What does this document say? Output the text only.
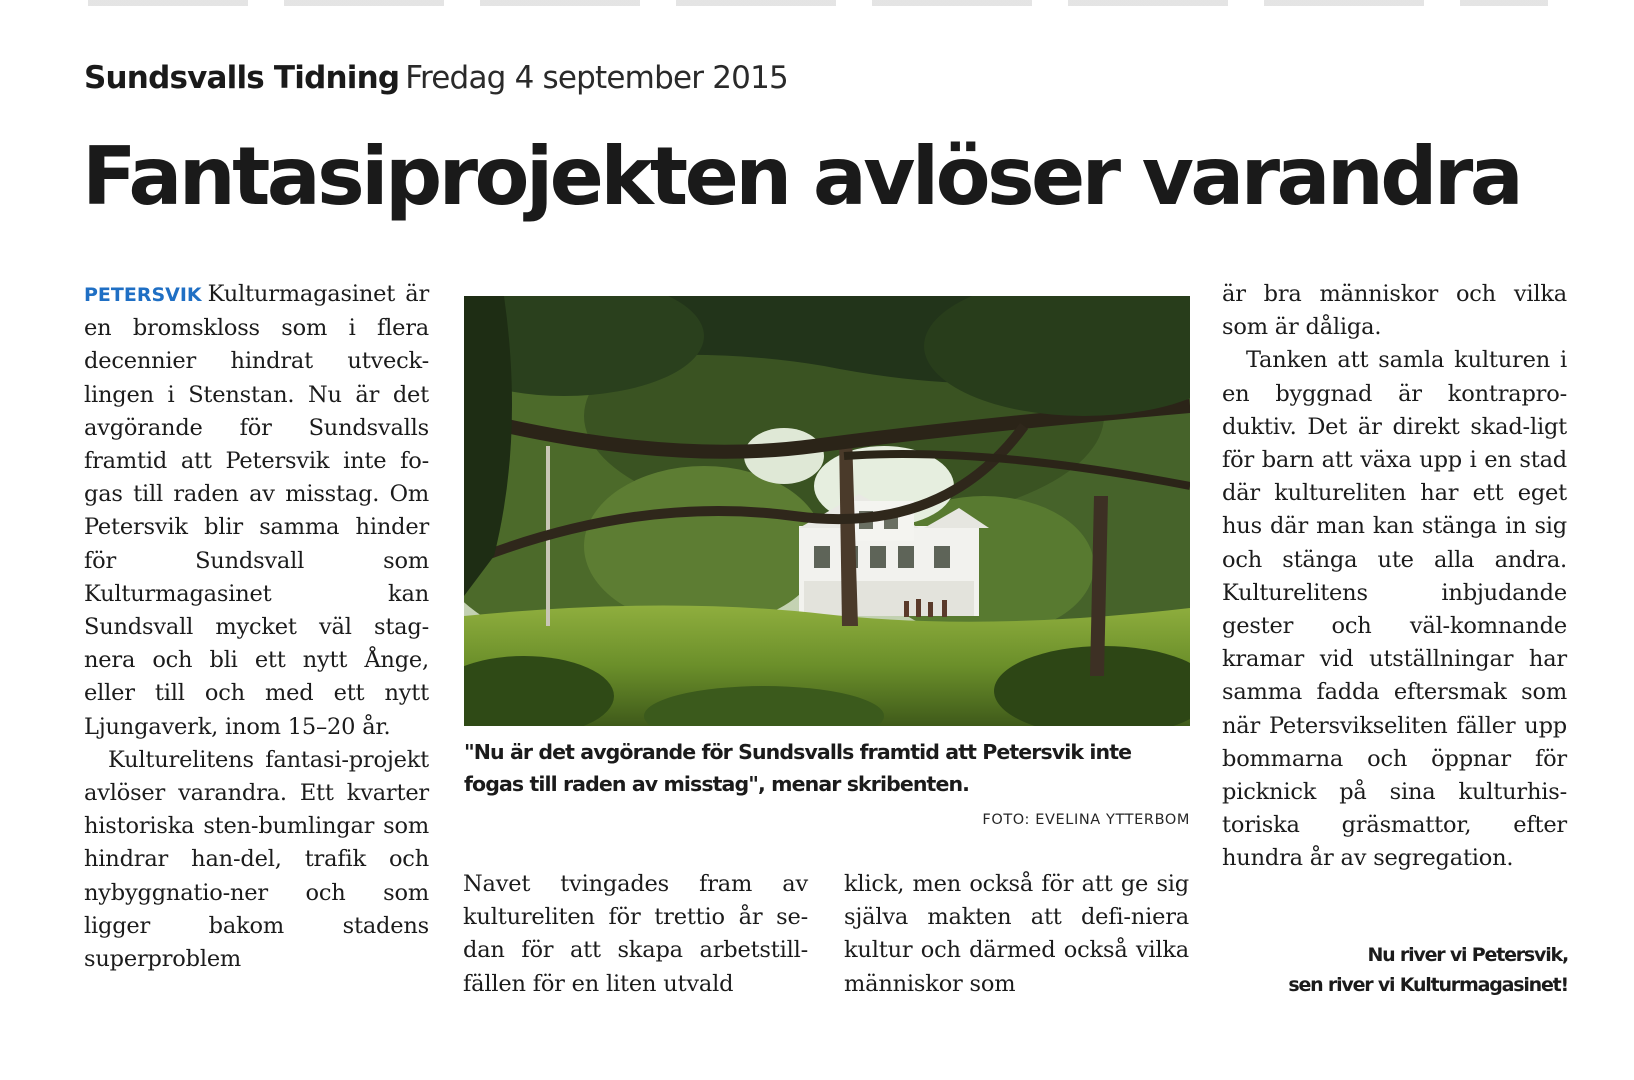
Sundsvalls Tidning Fredag 4 september 2015
Fantasiprojekten avlöser varandra

PETERSVIK Kulturmagasinet är en bromskloss som i flera decennier hindrat utveck-lingen i Stenstan. Nu är det avgörande för Sundsvalls framtid att Petersvik inte fo-gas till raden av misstag. Om Petersvik blir samma hinder för Sundsvall som Kulturmagasinet kan Sundsvall mycket väl stag-nera och bli ett nytt Ånge, eller till och med ett nytt Ljungaverk, inom 15–20 år.

Kulturelitens fantasi-projekt avlöser varandra. Ett kvarter historiska sten-bumlingar som hindrar han-del, trafik och nybyggnatio-ner och som ligger bakom stadens superproblem

"Nu är det avgörande för Sundsvalls framtid att Petersvik inte fogas till raden av misstag", menar skribenten.
FOTO: EVELINA YTTERBOM

Navet tvingades fram av kultureliten för trettio år se-dan för att skapa arbetstill-fällen för en liten utvald

klick, men också för att ge sig själva makten att defi-niera kultur och därmed också vilka människor som

är bra människor och vilka som är dåliga.

Tanken att samla kulturen i en byggnad är kontrapro-duktiv. Det är direkt skad-ligt för barn att växa upp i en stad där kultureliten har ett eget hus där man kan stänga in sig och stänga ute alla andra. Kulturelitens inbjudande gester och väl-komnande kramar vid utställningar har samma fadda eftersmak som när Petersvikseliten fäller upp bommarna och öppnar för picknick på sina kulturhis-toriska gräsmattor, efter hundra år av segregation.

Nu river vi Petersvik,
sen river vi Kulturmagasinet!
